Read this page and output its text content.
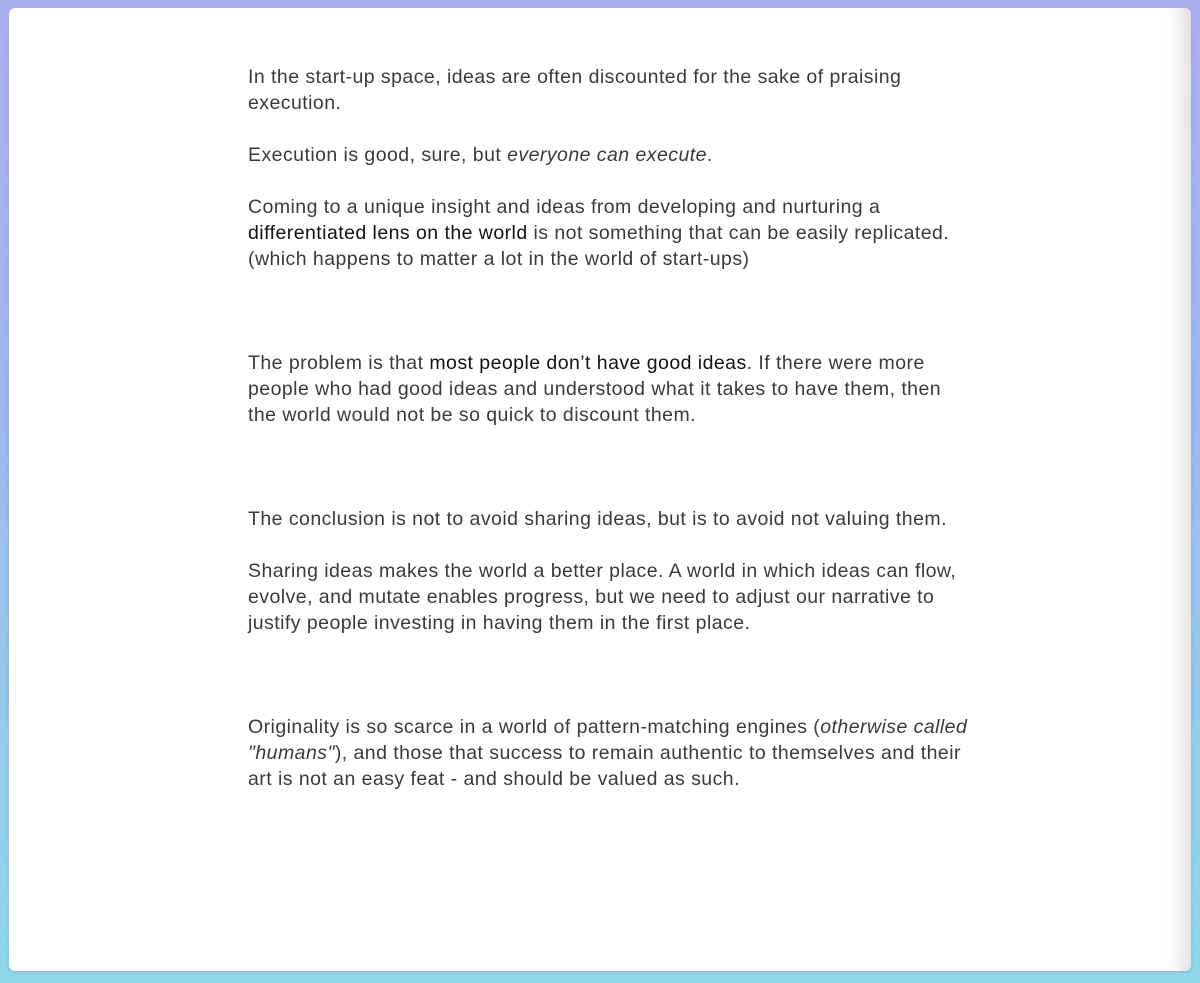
In the start-up space, ideas are often discounted for the sake of praising execution.

Execution is good, sure, but everyone can execute.

Coming to a unique insight and ideas from developing and nurturing a differentiated lens on the world is not something that can be easily replicated. (which happens to matter a lot in the world of start-ups)

The problem is that most people don’t have good ideas. If there were more people who had good ideas and understood what it takes to have them, then the world would not be so quick to discount them.

The conclusion is not to avoid sharing ideas, but is to avoid not valuing them.

Sharing ideas makes the world a better place. A world in which ideas can flow, evolve, and mutate enables progress, but we need to adjust our narrative to justify people investing in having them in the first place.

Originality is so scarce in a world of pattern-matching engines (otherwise called "humans"), and those that success to remain authentic to themselves and their art is not an easy feat - and should be valued as such.
